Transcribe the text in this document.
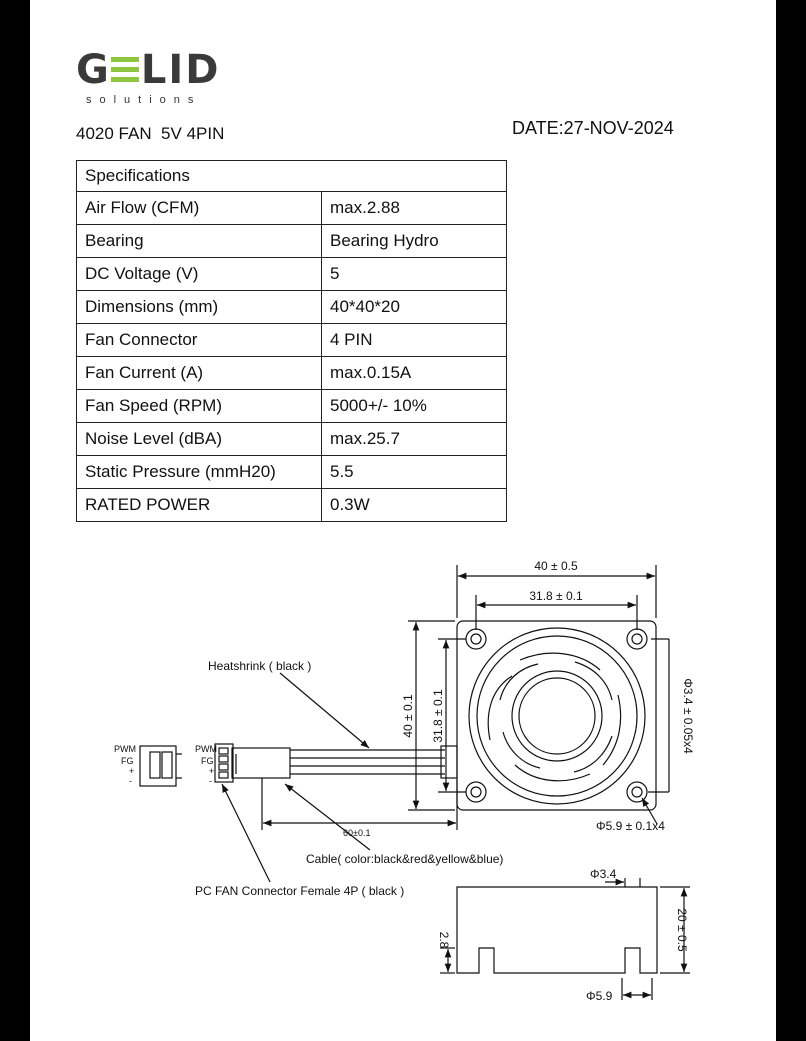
G LID
solutions
4020 FAN  5V 4PIN	DATE:27-NOV-2024
Specifications	
Air Flow (CFM)	max.2.88
Bearing	Bearing Hydro
DC Voltage (V)	5
Dimensions (mm)	40*40*20
Fan Connector	4 PIN
Fan Current (A)	max.0.15A
Fan Speed (RPM)	5000+/- 10%
Noise Level (dBA)	max.25.7
Static Pressure (mmH20)	5.5
RATED POWER	0.3W
40 ± 0.5
31.8 ± 0.1
40 ± 0.1 31.8 ± 0.1	Φ3.4 ± 0.05x4
Φ5.9 ± 0.1x4
Heatshrink ( black )
Cable( color:black&red&yellow&blue)
PC FAN Connector Female 4P ( black )
Φ3.4
Φ5.9
20 ± 0.5
2.8
60±0.1
PWM
FG
+
-
PWM
FG
+
-
